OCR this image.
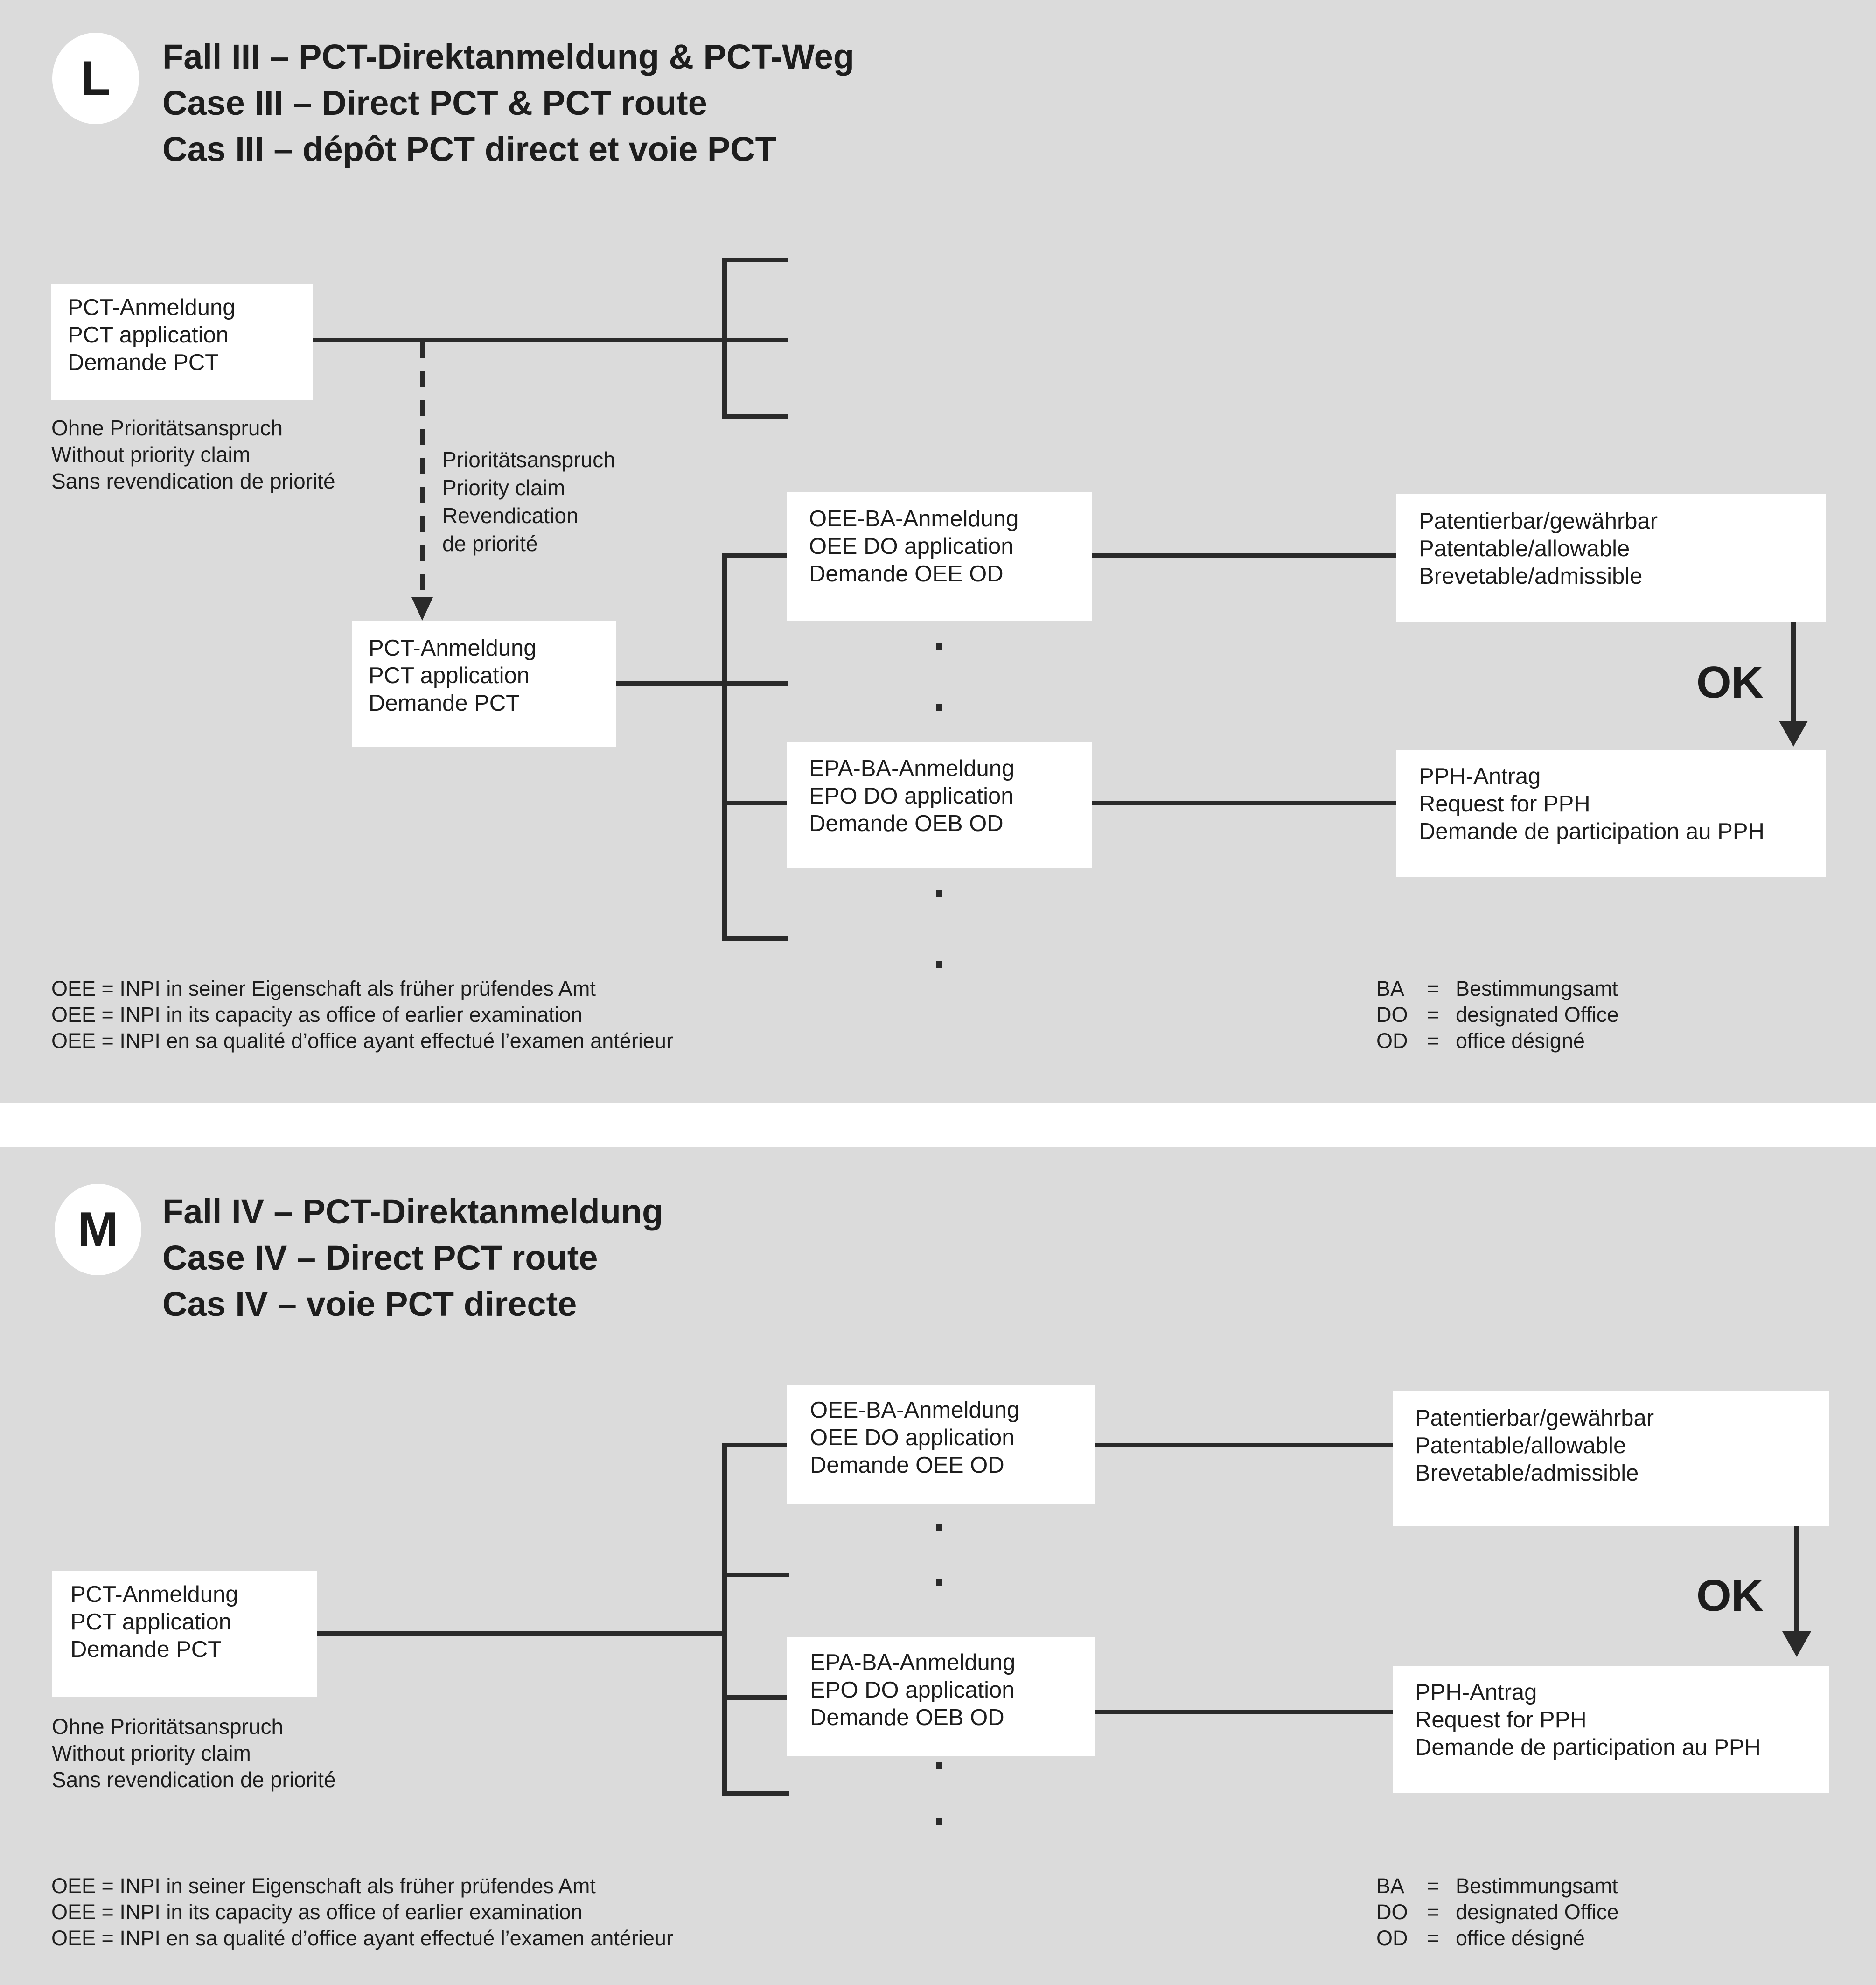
L Fall III – PCT-Direktanmeldung & PCT-Weg
Case III – Direct PCT & PCT route
Cas III – dépôt PCT direct et voie PCT
PCT-Anmeldung
PCT application
Demande PCT
Ohne Prioritätsanspruch
Without priority claim
Sans revendication de priorité
Prioritätsanspruch
Priority claim
Revendication
de priorité
PCT-Anmeldung
PCT application
Demande PCT
OEE-BA-Anmeldung
OEE DO application
Demande OEE OD
EPA-BA-Anmeldung
EPO DO application
Demande OEB OD
Patentierbar/gewährbar
Patentable/allowable
Brevetable/admissible
OK
PPH-Antrag
Request for PPH
Demande de participation au PPH
OEE = INPI in seiner Eigenschaft als früher prüfendes Amt
OEE = INPI in its capacity as office of earlier examination
OEE = INPI en sa qualité d’office ayant effectué l’examen antérieur
BA	= Bestimmungsamt
DO = designated Office
OD = office désigné
M Fall IV – PCT-Direktanmeldung
Case IV – Direct PCT route
Cas IV – voie PCT directe
PCT-Anmeldung
PCT application
Demande PCT
Ohne Prioritätsanspruch
Without priority claim
Sans revendication de priorité
OEE-BA-Anmeldung
OEE DO application
Demande OEE OD
EPA-BA-Anmeldung
EPO DO application
Demande OEB OD
Patentierbar/gewährbar
Patentable/allowable
Brevetable/admissible
OK
PPH-Antrag
Request for PPH
Demande de participation au PPH
OEE = INPI in seiner Eigenschaft als früher prüfendes Amt
OEE = INPI in its capacity as office of earlier examination
OEE = INPI en sa qualité d’office ayant effectué l’examen antérieur
BA	= Bestimmungsamt
DO = designated Office
OD = office désigné
